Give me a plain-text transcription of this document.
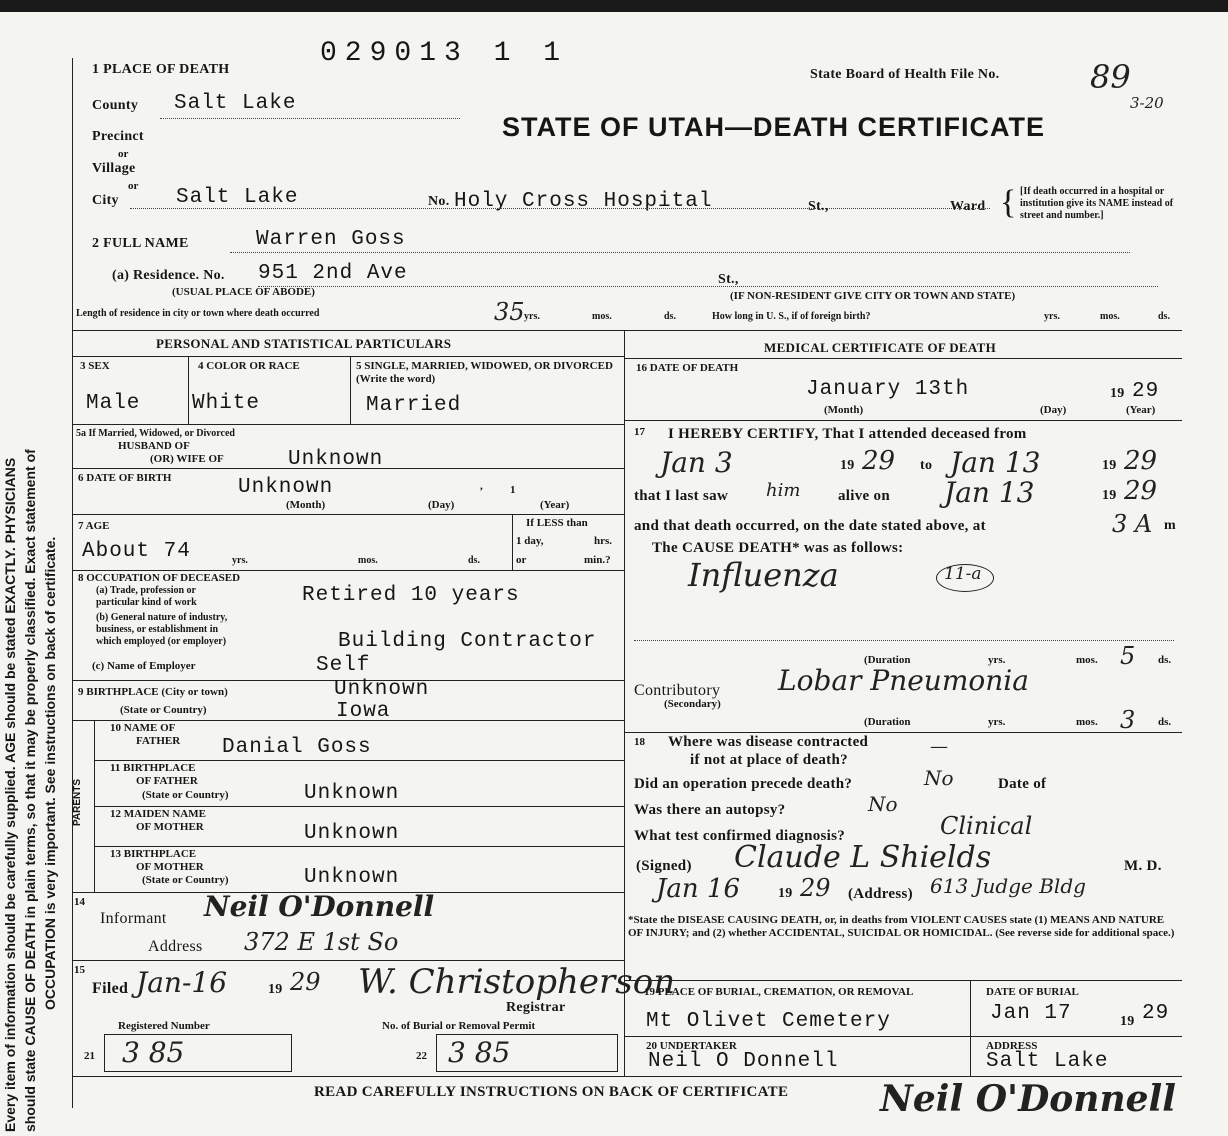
Every item of information should be carefully supplied. AGE should be stated EXACTLY. PHYSICIANS should state CAUSE OF DEATH in plain terms, so that it may be properly classified. Exact statement of OCCUPATION is very important. See instructions on back of certificate.
1 PLACE OF DEATH
029013 1 1
State Board of Health File No.	89
3-20
STATE OF UTAH—DEATH CERTIFICATE
County Salt Lake
Precinct
or
Village
or
City	Salt Lake	No. Holy Cross Hospital	St.,	Ward { [If death occurred in a hospital or institution give its NAME instead of street and number.]
2 FULL NAME	Warren Goss
(a) Residence. No. 951 2nd Ave	St.,
(USUAL PLACE OF ABODE)	(IF NON-RESIDENT GIVE CITY OR TOWN AND STATE)
Length of residence in city or town where death occurred	35 yrs.	mos.	ds.	How long in U. S., if of foreign birth?	yrs.	mos.	ds.
PERSONAL AND STATISTICAL PARTICULARS
3 SEX
Male
4 COLOR OR RACE
White
5 SINGLE, MARRIED, WIDOWED, OR DIVORCED (Write the word)
Married
5a If Married, Widowed, or Divorced
HUSBAND OF
(OR) WIFE OF	Unknown
6 DATE OF BIRTH	Unknown	, 1
(Month)	(Day)	(Year)
7 AGE
About 74	yrs.	mos.	ds.
If LESS than
1 day,	hrs.
or	min.?
8 OCCUPATION OF DECEASED
(a) Trade, profession or
particular kind of work	Retired 10 years
(b) General nature of industry,
business, or establishment in
which employed (or employer)	Building Contractor
(c) Name of Employer	Self
9 BIRTHPLACE (City or town)	Unknown
(State or Country)	Iowa
PARENTS
10 NAME OF
FATHER Danial Goss
11 BIRTHPLACE
OF FATHER
(State or Country)	Unknown
12 MAIDEN NAME
OF MOTHER	Unknown
13 BIRTHPLACE
OF MOTHER
(State or Country)	Unknown
14
Informant Neil O'Donnell
Address 372 E 1st So
15
Filed Jan-16	19 29 W. Christopherson
Registrar
Registered Number	No. of Burial or Removal Permit
21 3 85	22 3 85
MEDICAL CERTIFICATE OF DEATH
16 DATE OF DEATH
January 13th	19 29
(Month)	(Day)	(Year)
17 I HEREBY CERTIFY, That I attended deceased from
Jan 3	19 29 to Jan 13	19 29
that I last saw him	alive on Jan 13	19 29
and that death occurred, on the date stated above, at	3 A m
The CAUSE DEATH* was as follows:
Influenza	11-a
(Duration	yrs.	mos. 5 ds.
Contributory
(Secondary)
Lobar Pneumonia
(Duration	yrs.	mos. 3 ds.
18 Where was disease contracted
if not at place of death?
—
Did an operation precede death?	No	Date of
Was there an autopsy?	No
What test confirmed diagnosis?	Clinical
(Signed) Claude L Shields	M. D.
Jan 16	19 29 (Address) 613 Judge Bldg
*State the DISEASE CAUSING DEATH, or, in deaths from VIOLENT CAUSES state (1) MEANS AND NATURE OF INJURY; and (2) whether ACCIDENTAL, SUICIDAL OR HOMICIDAL. (See reverse side for additional space.)
19 PLACE OF BURIAL, CREMATION, OR REMOVAL
Mt Olivet Cemetery
DATE OF BURIAL
Jan 17	19 29
20 UNDERTAKER
Neil O Donnell
ADDRESS
Salt Lake
READ CAREFULLY INSTRUCTIONS ON BACK OF CERTIFICATE	Neil O'Donnell
